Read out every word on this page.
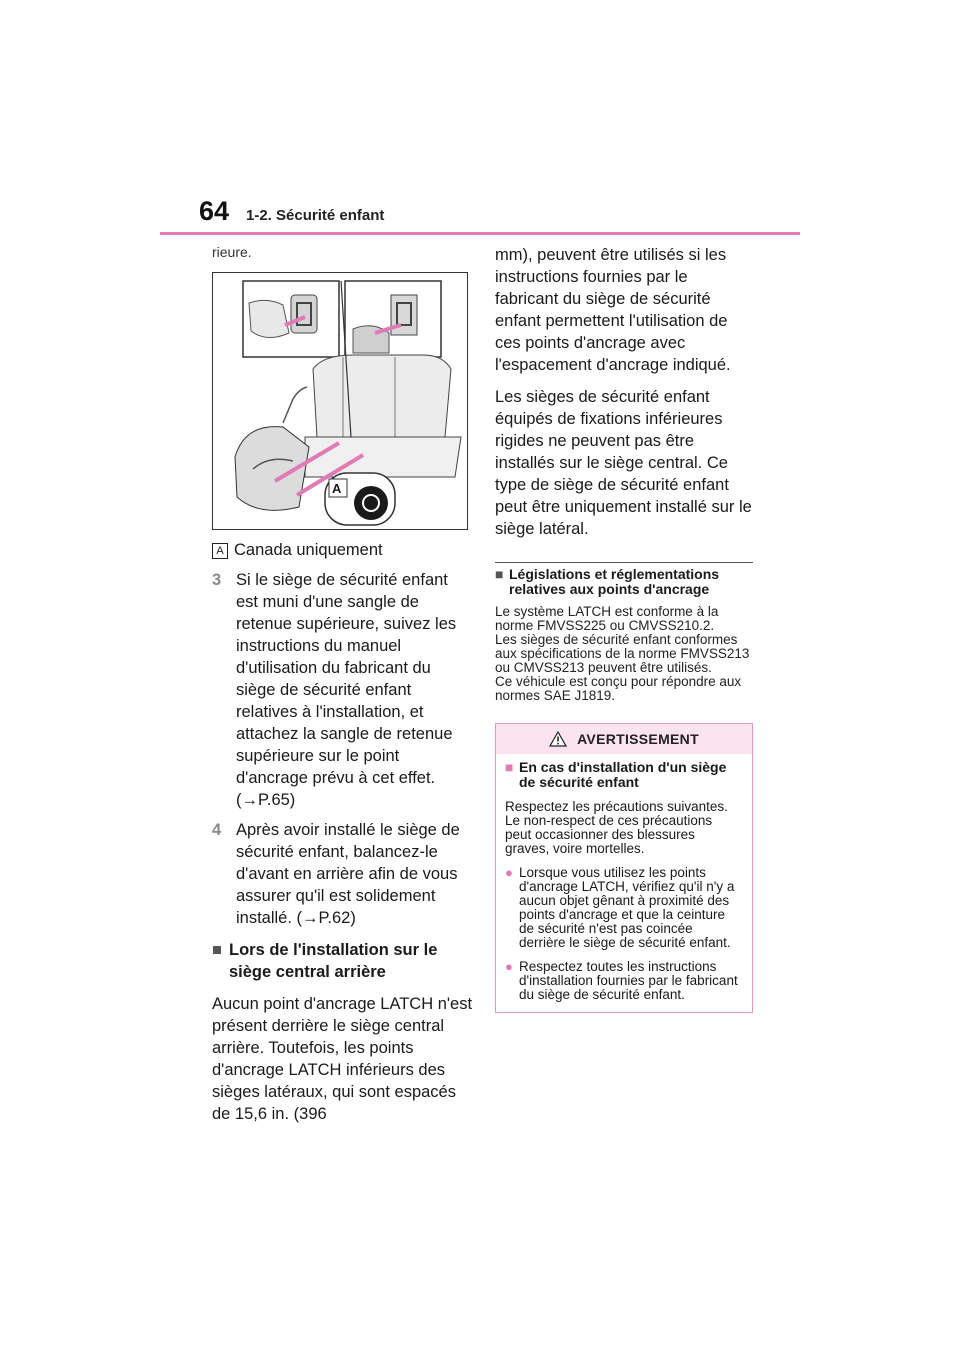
64 1-2. Sécurité enfant
rieure.
A
A Canada uniquement
3 Si le siège de sécurité enfant est muni d'une sangle de retenue supérieure, suivez les instructions du manuel d'utilisation du fabricant du siège de sécurité enfant relatives à l'installation, et attachez la sangle de retenue supérieure sur le point d'ancrage prévu à cet effet. (→P.65)
4 Après avoir installé le siège de sécurité enfant, balancez-le d'avant en arrière afin de vous assurer qu'il est solidement installé. (→P.62)
■ Lors de l'installation sur le siège central arrière
Aucun point d'ancrage LATCH n'est présent derrière le siège central arrière. Toutefois, les points d'ancrage LATCH inférieurs des sièges latéraux, qui sont espacés de 15,6 in. (396

mm), peuvent être utilisés si les instructions fournies par le fabricant du siège de sécurité enfant permettent l'utilisation de ces points d'ancrage avec l'espacement d'ancrage indiqué.

Les sièges de sécurité enfant équipés de fixations inférieures rigides ne peuvent pas être installés sur le siège central. Ce type de siège de sécurité enfant peut être uniquement installé sur le siège latéral.

■ Législations et réglementations relatives aux points d'ancrage
Le système LATCH est conforme à la norme FMVSS225 ou CMVSS210.2.
Les sièges de sécurité enfant conformes aux spécifications de la norme FMVSS213 ou CMVSS213 peuvent être utilisés.
Ce véhicule est conçu pour répondre aux normes SAE J1819.
AVERTISSEMENT
■ En cas d'installation d'un siège de sécurité enfant
Respectez les précautions suivantes.
Le non-respect de ces précautions peut occasionner des blessures graves, voire mortelles.
● Lorsque vous utilisez les points d'ancrage LATCH, vérifiez qu'il n'y a aucun objet gênant à proximité des points d'ancrage et que la ceinture de sécurité n'est pas coincée derrière le siège de sécurité enfant.
● Respectez toutes les instructions d'installation fournies par le fabricant du siège de sécurité enfant.
